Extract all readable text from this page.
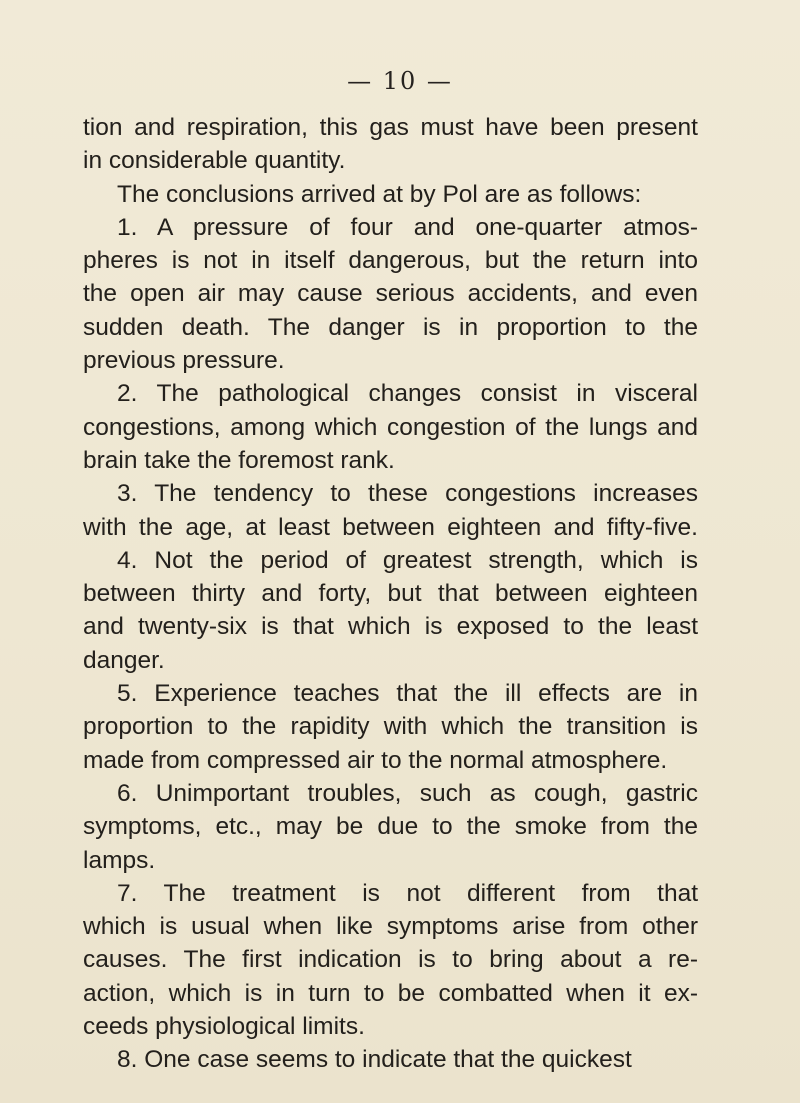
— 10 —
tion and respiration, this gas must have been present
in considerable quantity.
The conclusions arrived at by Pol are as follows:
1. A pressure of four and one-quarter atmos-
pheres is not in itself dangerous, but the return into
the open air may cause serious accidents, and even
sudden death. The danger is in proportion to the
previous pressure.
2. The pathological changes consist in visceral
congestions, among which congestion of the lungs and
brain take the foremost rank.
3. The tendency to these congestions increases
with the age, at least between eighteen and fifty-five.
4. Not the period of greatest strength, which is
between thirty and forty, but that between eighteen
and twenty-six is that which is exposed to the least
danger.
5. Experience teaches that the ill effects are in
proportion to the rapidity with which the transition is
made from compressed air to the normal atmosphere.
6. Unimportant troubles, such as cough, gastric
symptoms, etc., may be due to the smoke from the
lamps.
7. The treatment is not different from that
which is usual when like symptoms arise from other
causes. The first indication is to bring about a re-
action, which is in turn to be combatted when it ex-
ceeds physiological limits.
8. One case seems to indicate that the quickest
